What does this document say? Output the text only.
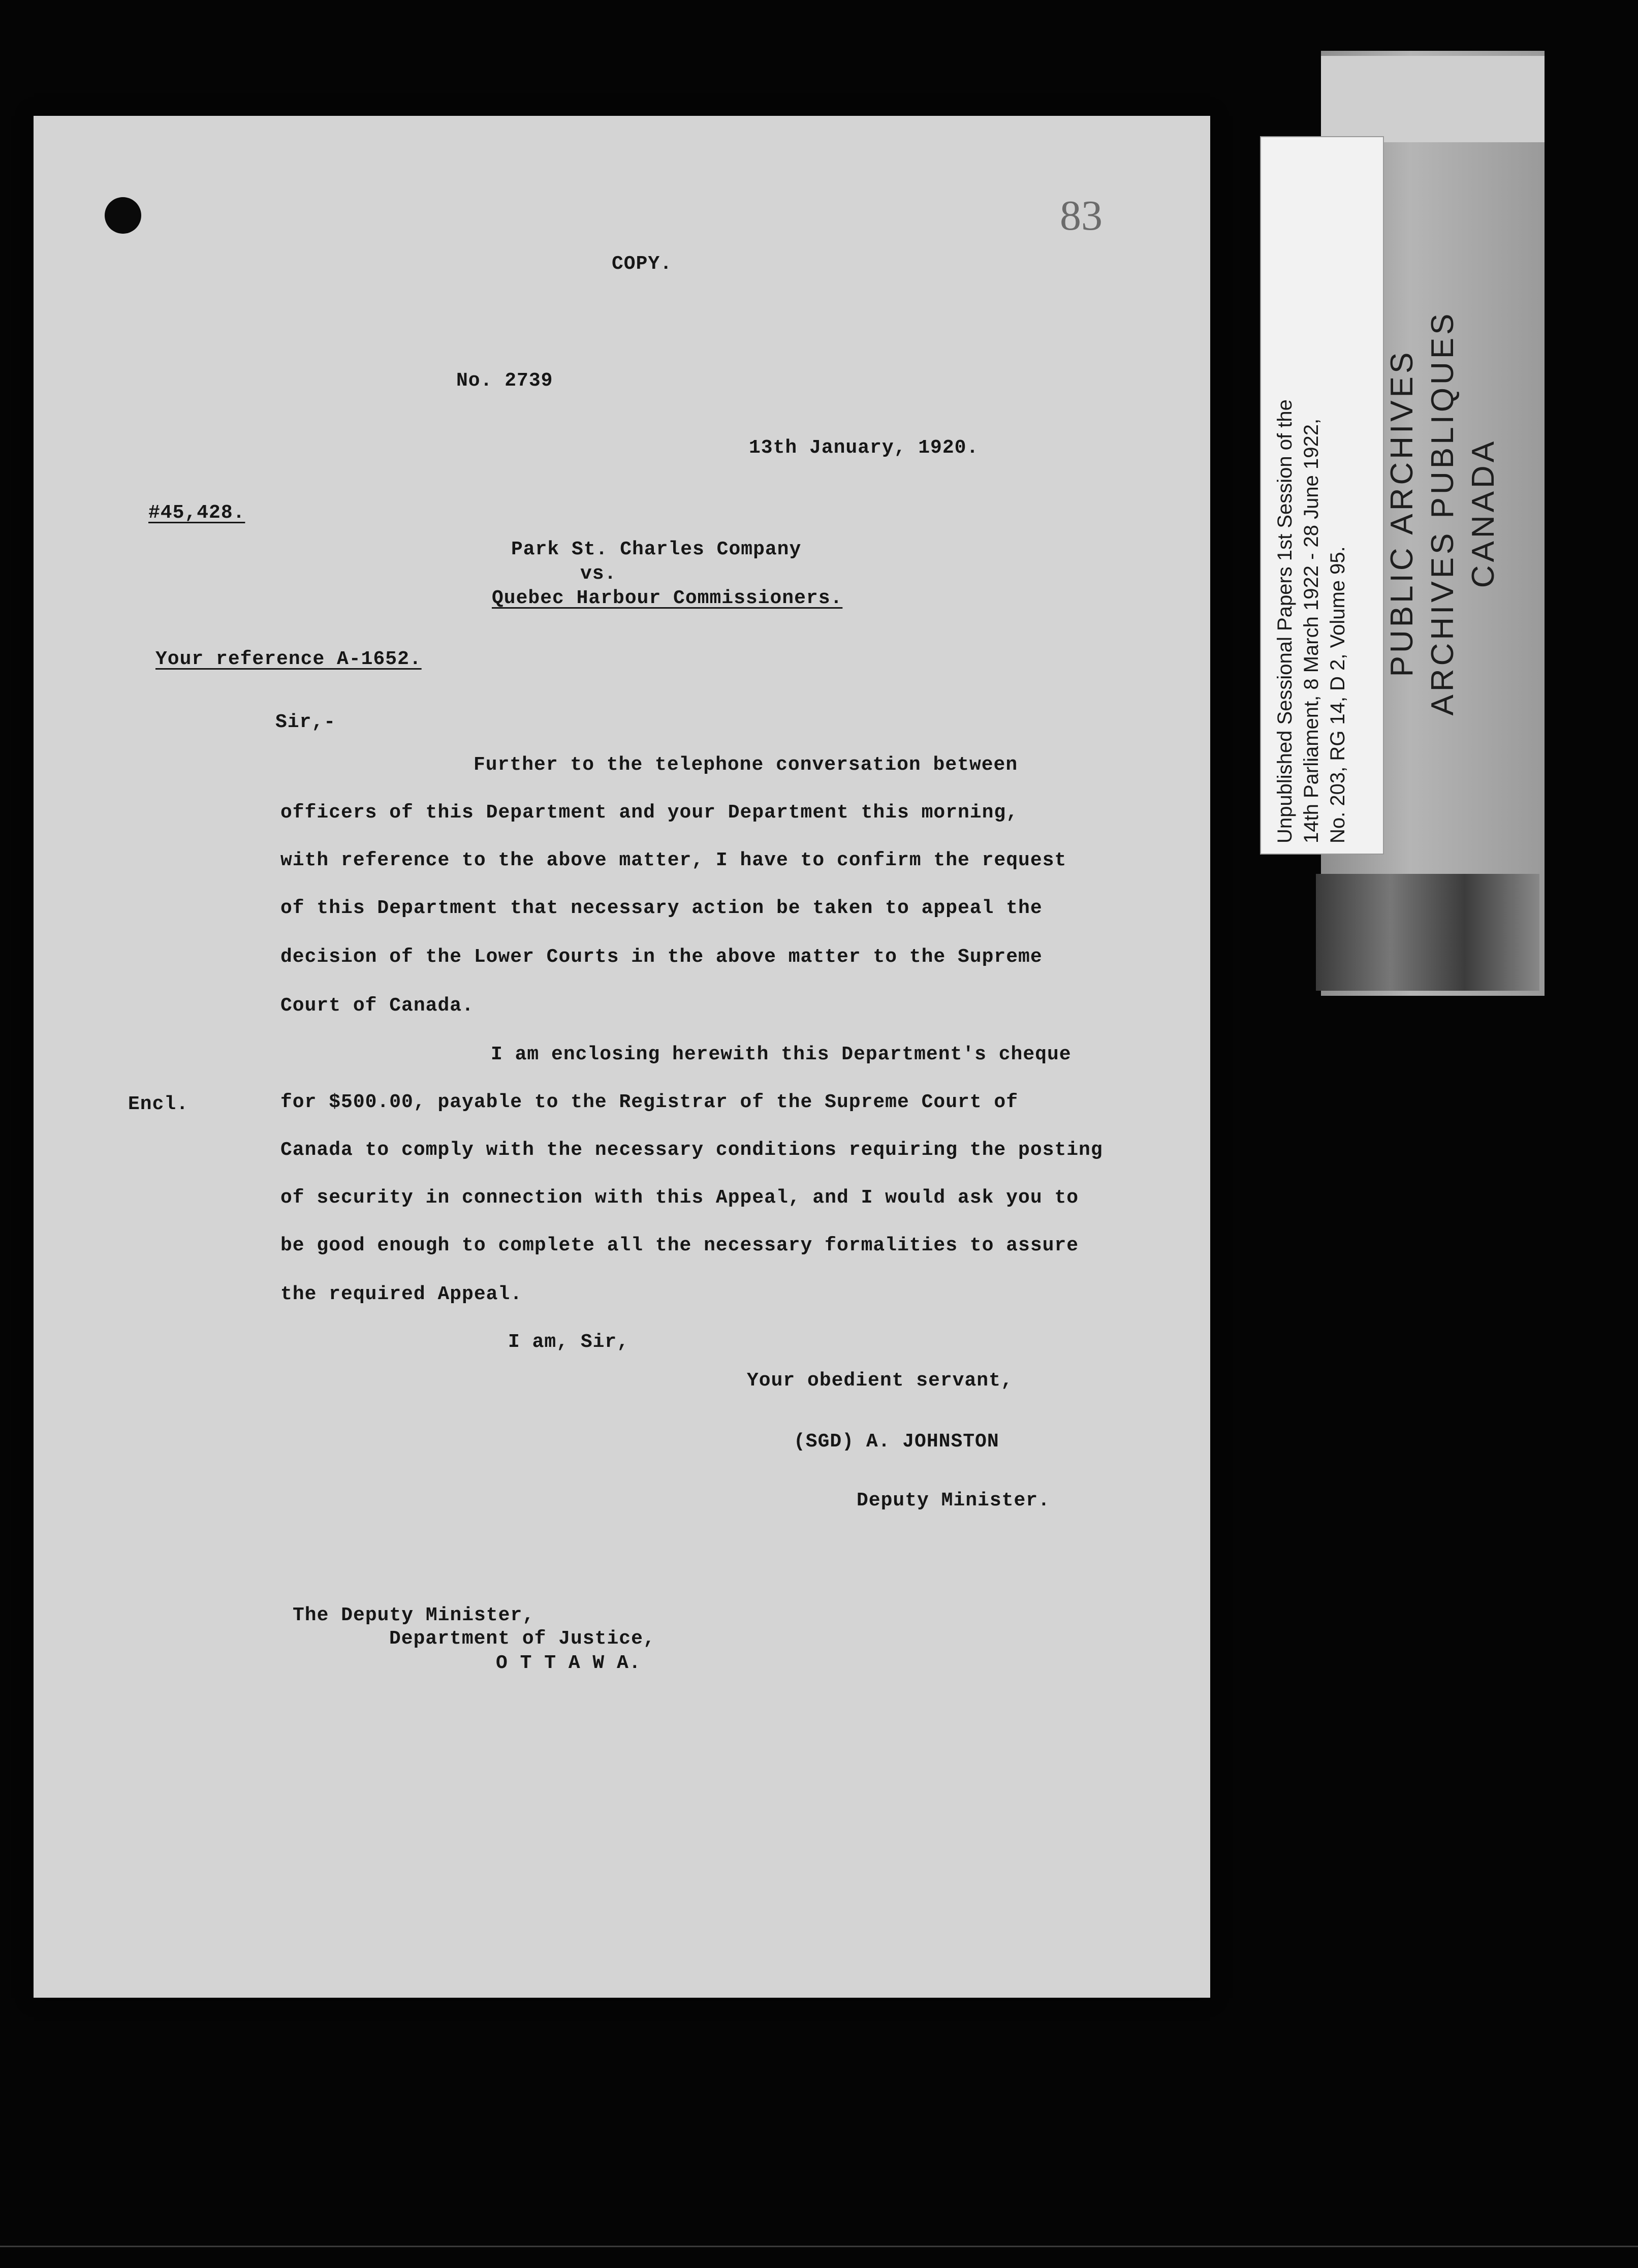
Unpublished Sessional Papers 1st Session of the 14th Parliament, 8 March 1922 - 28 June 1922, No. 203, RG 14, D 2, Volume 95.
PUBLIC ARCHIVES ARCHIVES PUBLIQUES CANADA
83
COPY.
No. 2739
13th January, 1920.
#45,428.
Park St. Charles Company
vs.
Quebec Harbour Commissioners.
Your reference A-1652.
Sir,-
Further to the telephone conversation between
officers of this Department and your Department this morning,
with reference to the above matter, I have to confirm the request
of this Department that necessary action be taken to appeal the
decision of the Lower Courts in the above matter to the Supreme
Court of Canada.
I am enclosing herewith this Department's cheque
Encl.	for $500.00, payable to the Registrar of the Supreme Court of
Canada to comply with the necessary conditions requiring the posting
of security in connection with this Appeal, and I would ask you to
be good enough to complete all the necessary formalities to assure
the required Appeal.
I am, Sir,
Your obedient servant,
(SGD) A. JOHNSTON
Deputy Minister.
The Deputy Minister,
Department of Justice,
O T T A W A.
